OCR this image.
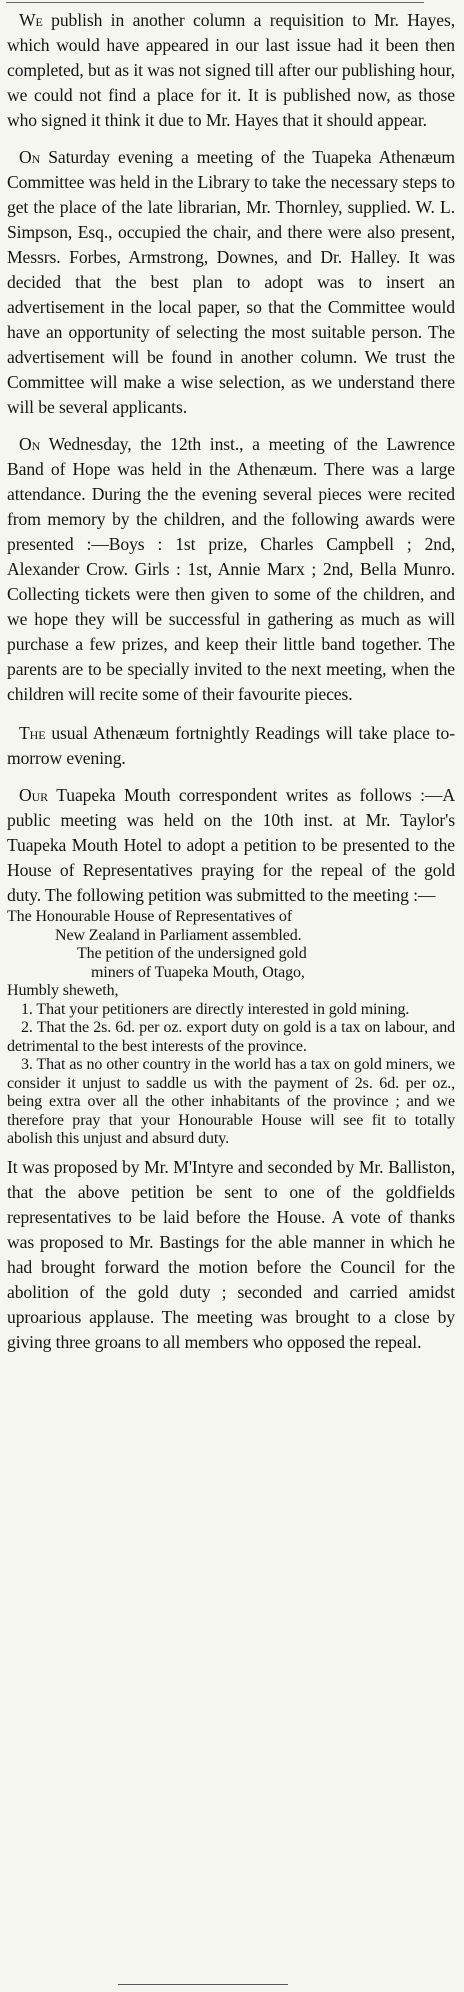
We publish in another column a requisition to Mr. Hayes, which would have appeared in our last issue had it been then completed, but as it was not signed till after our publishing hour, we could not find a place for it. It is published now, as those who signed it think it due to Mr. Hayes that it should appear.

On Saturday evening a meeting of the Tuapeka Athenæum Committee was held in the Library to take the necessary steps to get the place of the late librarian, Mr. Thornley, supplied. W. L. Simpson, Esq., occupied the chair, and there were also present, Messrs. Forbes, Armstrong, Downes, and Dr. Halley. It was decided that the best plan to adopt was to insert an advertisement in the local paper, so that the Committee would have an opportunity of selecting the most suitable person. The advertisement will be found in another column. We trust the Committee will make a wise selection, as we understand there will be several applicants.

On Wednesday, the 12th inst., a meeting of the Lawrence Band of Hope was held in the Athenæum. There was a large attendance. During the the evening several pieces were recited from memory by the children, and the following awards were presented :—Boys : 1st prize, Charles Campbell ; 2nd, Alexander Crow. Girls : 1st, Annie Marx ; 2nd, Bella Munro. Collecting tickets were then given to some of the children, and we hope they will be successful in gathering as much as will purchase a few prizes, and keep their little band together. The parents are to be specially invited to the next meeting, when the children will recite some of their favourite pieces.

The usual Athenæum fortnightly Readings will take place to-morrow evening.

Our Tuapeka Mouth correspondent writes as follows :—A public meeting was held on the 10th inst. at Mr. Taylor's Tuapeka Mouth Hotel to adopt a petition to be presented to the House of Representatives praying for the repeal of the gold duty. The following petition was submitted to the meeting :—

The Honourable House of Representatives of

New Zealand in Parliament assembled.

The petition of the undersigned gold

miners of Tuapeka Mouth, Otago,

Humbly sheweth,

1. That your petitioners are directly interested in gold mining.

2. That the 2s. 6d. per oz. export duty on gold is a tax on labour, and detrimental to the best interests of the province.

3. That as no other country in the world has a tax on gold miners, we consider it unjust to saddle us with the payment of 2s. 6d. per oz., being extra over all the other inhabitants of the province ; and we therefore pray that your Honourable House will see fit to totally abolish this unjust and absurd duty.

It was proposed by Mr. M'Intyre and seconded by Mr. Balliston, that the above petition be sent to one of the goldfields representatives to be laid before the House. A vote of thanks was proposed to Mr. Bastings for the able manner in which he had brought forward the motion before the Council for the abolition of the gold duty ; seconded and carried amidst uproarious applause. The meeting was brought to a close by giving three groans to all members who opposed the repeal.
